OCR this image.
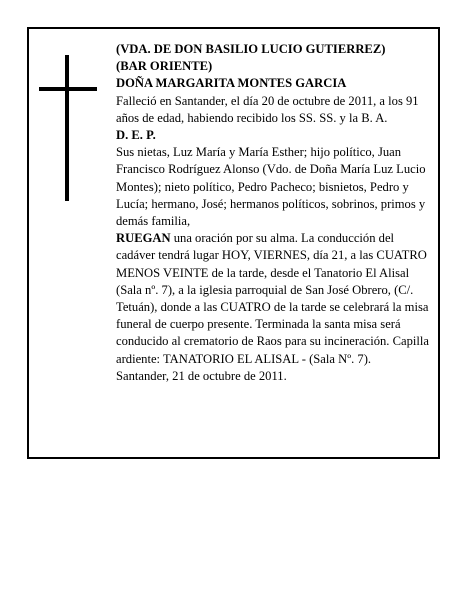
(VDA. DE DON BASILIO LUCIO GUTIERREZ)

(BAR ORIENTE)

DOÑA MARGARITA MONTES GARCIA

Falleció en Santander, el día 20 de octubre de 2011, a los 91 años de edad, habiendo recibido los SS. SS. y la B. A.

D. E. P.

Sus nietas, Luz María y María Esther; hijo político, Juan Francisco Rodríguez Alonso (Vdo. de Doña María Luz Lucio Montes); nieto político, Pedro Pacheco; bisnietos, Pedro y Lucía; hermano, José; hermanos políticos, sobrinos, primos y demás familia,

RUEGAN una oración por su alma. La conducción del cadáver tendrá lugar HOY, VIERNES, día 21, a las CUATRO MENOS VEINTE de la tarde, desde el Tanatorio El Alisal (Sala nº. 7), a la iglesia parroquial de San José Obrero, (C/. Tetuán), donde a las CUATRO de la tarde se celebrará la misa funeral de cuerpo presente. Terminada la santa misa será conducido al crematorio de Raos para su incineración. Capilla ardiente: TANATORIO EL ALISAL - (Sala Nº. 7).

Santander, 21 de octubre de 2011.
